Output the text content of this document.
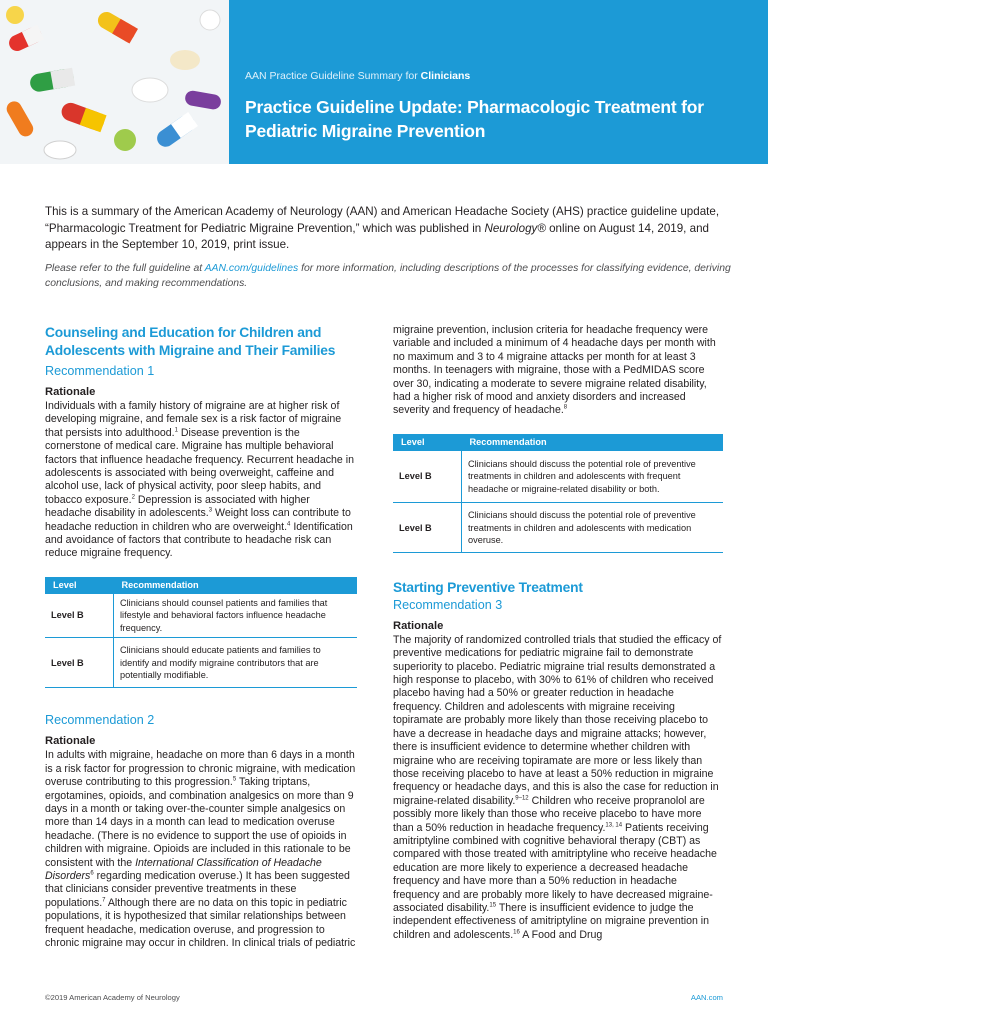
AAN Practice Guideline Summary for Clinicians
Practice Guideline Update: Pharmacologic Treatment for Pediatric Migraine Prevention
AMERICAN ACADEMY OF
NEUROLOGY.
This is a summary of the American Academy of Neurology (AAN) and American Headache Society (AHS) practice guideline update, “Pharmacologic Treatment for Pediatric Migraine Prevention,” which was published in Neurology® online on August 14, 2019, and appears in the September 10, 2019, print issue.
Please refer to the full guideline at AAN.com/guidelines for more information, including descriptions of the processes for classifying evidence, deriving conclusions, and making recommendations.
Counseling and Education for Children and Adolescents with Migraine and Their Families
Recommendation 1
Rationale

Individuals with a family history of migraine are at higher risk of developing migraine, and female sex is a risk factor of migraine that persists into adulthood.$^1$ Disease prevention is the cornerstone of medical care. Migraine has multiple behavioral factors that influence headache frequency. Recurrent headache in adolescents is associated with being overweight, caffeine and alcohol use, lack of physical activity, poor sleep habits, and tobacco exposure.$^2$ Depression is associated with higher headache disability in adolescents.$^3$ Weight loss can contribute to headache reduction in children who are overweight.$^4$ Identification and avoidance of factors that contribute to headache risk can reduce migraine frequency.

Level	Recommendation
Level B	Clinicians should counsel patients and families that lifestyle and behavioral factors influence headache frequency.
Level B	Clinicians should educate patients and families to identify and modify migraine contributors that are potentially modifiable.
Recommendation 2
Rationale

In adults with migraine, headache on more than 6 days in a month is a risk factor for progression to chronic migraine, with medication overuse contributing to this progression.$^5$ Taking triptans, ergotamines, opioids, and combination analgesics on more than 9 days in a month or taking over-the-counter simple analgesics on more than 14 days in a month can lead to medication overuse headache. (There is no evidence to support the use of opioids in children with migraine. Opioids are included in this rationale to be consistent with the International Classification of Headache Disorders$^6$ regarding medication overuse.) It has been suggested that clinicians consider preventive treatments in these populations.$^7$ Although there are no data on this topic in pediatric populations, it is hypothesized that similar relationships between frequent headache, medication overuse, and progression to chronic migraine may occur in children. In clinical trials of pediatric

migraine prevention, inclusion criteria for headache frequency were variable and included a minimum of 4 headache days per month with no maximum and 3 to 4 migraine attacks per month for at least 3 months. In teenagers with migraine, those with a PedMIDAS score over 30, indicating a moderate to severe migraine related disability, had a higher risk of mood and anxiety disorders and increased severity and frequency of headache.$^8$

Level	Recommendation
Level B	Clinicians should discuss the potential role of preventive treatments in children and adolescents with frequent headache or migraine-related disability or both.
Level B	Clinicians should discuss the potential role of preventive treatments in children and adolescents with medication overuse.
Starting Preventive Treatment
Recommendation 3
Rationale

The majority of randomized controlled trials that studied the efficacy of preventive medications for pediatric migraine fail to demonstrate superiority to placebo. Pediatric migraine trial results demonstrated a high response to placebo, with 30% to 61% of children who received placebo having had a 50% or greater reduction in headache frequency. Children and adolescents with migraine receiving topiramate are probably more likely than those receiving placebo to have a decrease in headache days and migraine attacks; however, there is insufficient evidence to determine whether children with migraine who are receiving topiramate are more or less likely than those receiving placebo to have at least a 50% reduction in migraine frequency or headache days, and this is also the case for reduction in migraine-related disability.$^{9-12}$ Children who receive propranolol are possibly more likely than those who receive placebo to have more than a 50% reduction in headache frequency.$^{13, 14}$ Patients receiving amitriptyline combined with cognitive behavioral therapy (CBT) as compared with those treated with amitriptyline who receive headache education are more likely to experience a decreased headache frequency and have more than a 50% reduction in headache frequency and are probably more likely to have decreased migraine-associated disability.$^{15}$ There is insufficient evidence to judge the independent effectiveness of amitriptyline on migraine prevention in children and adolescents.$^{16}$ A Food and Drug

©2019 American Academy of Neurology	AAN.com
